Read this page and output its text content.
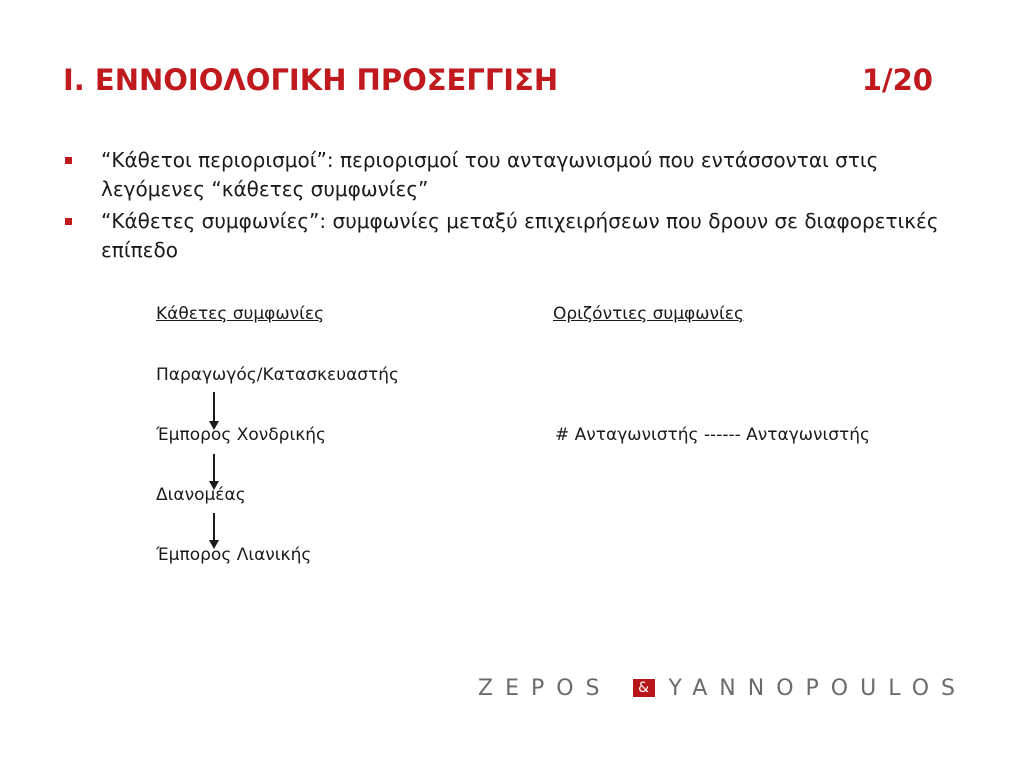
I. ΕΝΝΟΙΟΛΟΓΙΚΗ ΠΡΟΣΕΓΓΙΣΗ	1/20
“Κάθετοι περιορισμοί”: περιορισμοί του ανταγωνισμού που εντάσσονται στις λεγόμενες “κάθετες συμφωνίες”
“Κάθετες συμφωνίες”: συμφωνίες μεταξύ επιχειρήσεων που δρουν σε διαφορετικές επίπεδο
Κάθετες συμφωνίες	Οριζόντιες συμφωνίες
Παραγωγός/Κατασκευαστής
Έμπορος Χονδρικής
Διανομέας
Έμπορος Λιανικής
# Ανταγωνιστής ------ Ανταγωνιστής
ZEPOS & YANNOPOULOS
